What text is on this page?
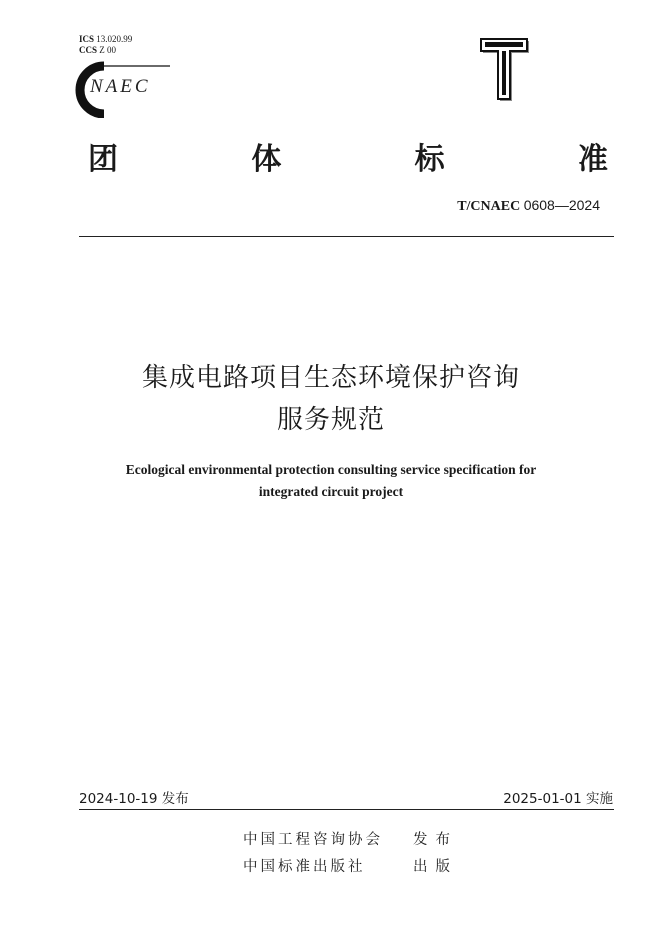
ICS 13.020.99
CCS Z 00
NAEC
团	体	标	准
T/CNAEC 0608—2024
集成电路项目生态环境保护咨询
服务规范
Ecological environmental protection consulting service specification for
integrated circuit project
2024-10-19 发布	2025-01-01 实施
中国工程咨询协会 发布
中国标准出版社	出版
